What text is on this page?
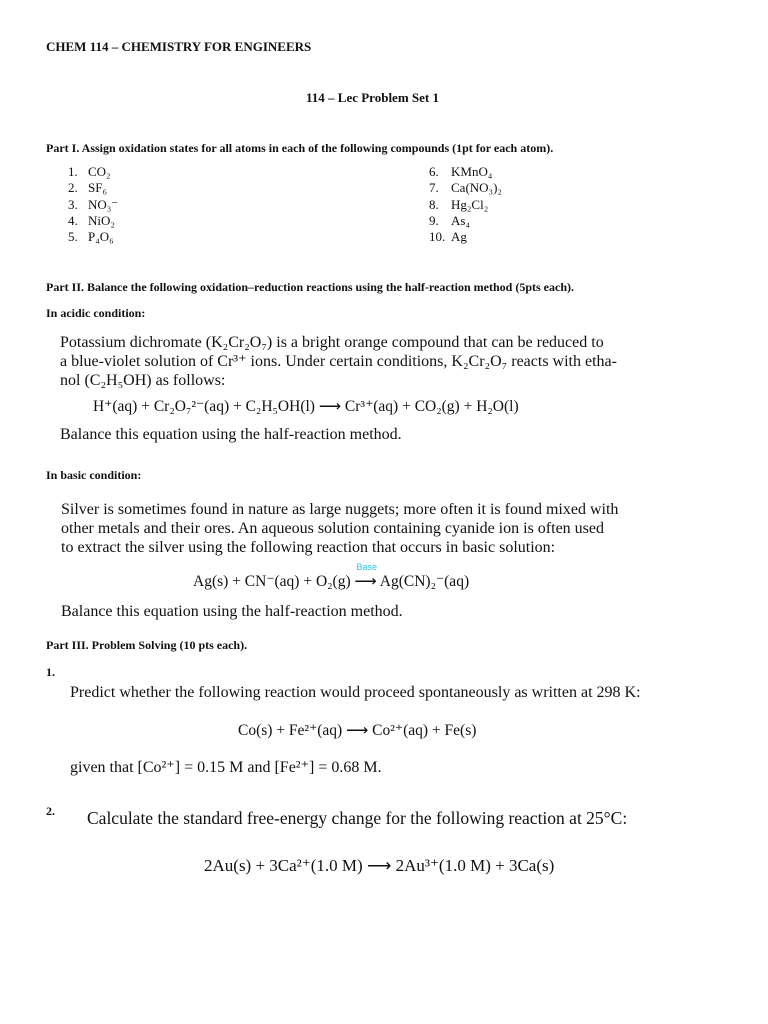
CHEM 114 – CHEMISTRY FOR ENGINEERS
114 – Lec Problem Set 1
Part I. Assign oxidation states for all atoms in each of the following compounds (1pt for each atom).
1. CO₂
2. SF₆
3. NO₃⁻
4. NiO₂
5. P₄O₆
6. KMnO₄
7. Ca(NO₃)₂
8. Hg₂Cl₂
9. As₄
10. Ag
Part II. Balance the following oxidation–reduction reactions using the half-reaction method (5pts each).
In acidic condition:
Potassium dichromate (K₂Cr₂O₇) is a bright orange compound that can be reduced to
a blue-violet solution of Cr³⁺ ions. Under certain conditions, K₂Cr₂O₇ reacts with etha-
nol (C₂H₅OH) as follows:
H⁺(aq) + Cr₂O₇²⁻(aq) + C₂H₅OH(l) ⟶ Cr³⁺(aq) + CO₂(g) + H₂O(l)
Balance this equation using the half-reaction method.
In basic condition:
Silver is sometimes found in nature as large nuggets; more often it is found mixed with
other metals and their ores. An aqueous solution containing cyanide ion is often used
to extract the silver using the following reaction that occurs in basic solution:
Ag(s) + CN⁻(aq) + O₂(g)
Base
⟶ Ag(CN)₂⁻(aq)
Balance this equation using the half-reaction method.
Part III. Problem Solving (10 pts each).
1.
Predict whether the following reaction would proceed spontaneously as written at 298 K:
Co(s) + Fe²⁺(aq) ⟶ Co²⁺(aq) + Fe(s)
given that [Co²⁺] = 0.15 M and [Fe²⁺] = 0.68 M.
2. Calculate the standard free-energy change for the following reaction at 25°C:
2Au(s) + 3Ca²⁺(1.0 M) ⟶ 2Au³⁺(1.0 M) + 3Ca(s)
